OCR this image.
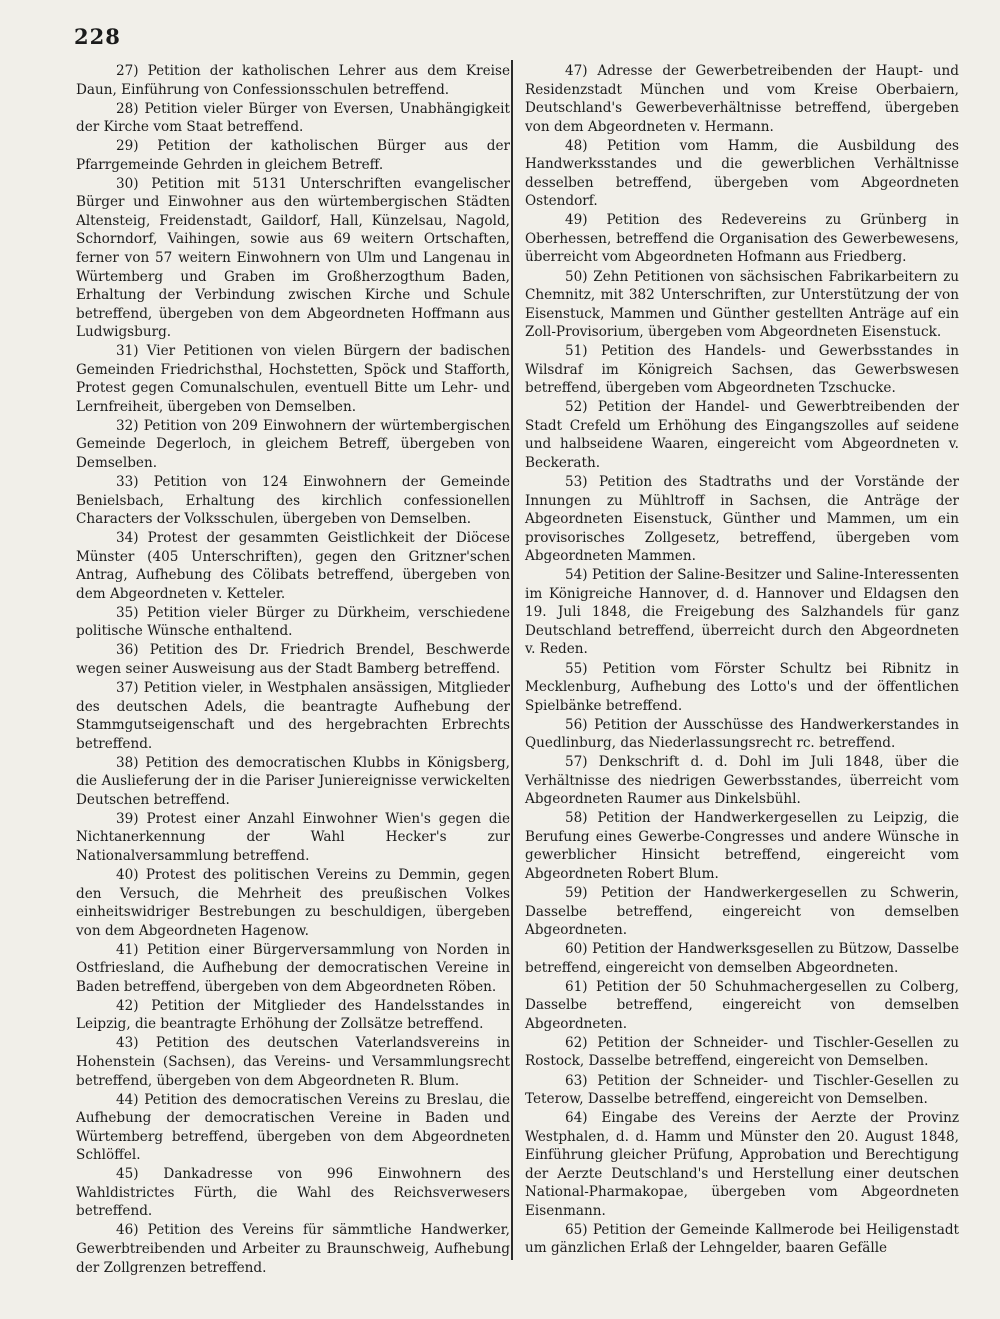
228

27) Petition der katholischen Lehrer aus dem Kreise Daun, Einführung von Confessionsschulen betreffend.

28) Petition vieler Bürger von Eversen, Unabhängigkeit der Kirche vom Staat betreffend.

29) Petition der katholischen Bürger aus der Pfarrgemeinde Gehrden in gleichem Betreff.

30) Petition mit 5131 Unterschriften evangelischer Bürger und Einwohner aus den würtembergischen Städten Altensteig, Freidenstadt, Gaildorf, Hall, Künzelsau, Nagold, Schorndorf, Vaihingen, sowie aus 69 weitern Ortschaften, ferner von 57 weitern Einwohnern von Ulm und Langenau in Würtemberg und Graben im Großherzogthum Baden, Erhaltung der Verbindung zwischen Kirche und Schule betreffend, übergeben von dem Abgeordneten Hoffmann aus Ludwigsburg.

31) Vier Petitionen von vielen Bürgern der badischen Gemeinden Friedrichsthal, Hochstetten, Spöck und Stafforth, Protest gegen Comunalschulen, eventuell Bitte um Lehr- und Lernfreiheit, übergeben von Demselben.

32) Petition von 209 Einwohnern der würtembergischen Gemeinde Degerloch, in gleichem Betreff, übergeben von Demselben.

33) Petition von 124 Einwohnern der Gemeinde Benielsbach, Erhaltung des kirchlich confessionellen Characters der Volksschulen, übergeben von Demselben.

34) Protest der gesammten Geistlichkeit der Diöcese Münster (405 Unterschriften), gegen den Gritzner'schen Antrag, Aufhebung des Cölibats betreffend, übergeben von dem Abgeordneten v. Ketteler.

35) Petition vieler Bürger zu Dürkheim, verschiedene politische Wünsche enthaltend.

36) Petition des Dr. Friedrich Brendel, Beschwerde wegen seiner Ausweisung aus der Stadt Bamberg betreffend.

37) Petition vieler, in Westphalen ansässigen, Mitglieder des deutschen Adels, die beantragte Aufhebung der Stammgutseigenschaft und des hergebrachten Erbrechts betreffend.

38) Petition des democratischen Klubbs in Königsberg, die Auslieferung der in die Pariser Juniereignisse verwickelten Deutschen betreffend.

39) Protest einer Anzahl Einwohner Wien's gegen die Nichtanerkennung der Wahl Hecker's zur Nationalversammlung betreffend.

40) Protest des politischen Vereins zu Demmin, gegen den Versuch, die Mehrheit des preußischen Volkes einheitswidriger Bestrebungen zu beschuldigen, übergeben von dem Abgeordneten Hagenow.

41) Petition einer Bürgerversammlung von Norden in Ostfriesland, die Aufhebung der democratischen Vereine in Baden betreffend, übergeben von dem Abgeordneten Röben.

42) Petition der Mitglieder des Handelsstandes in Leipzig, die beantragte Erhöhung der Zollsätze betreffend.

43) Petition des deutschen Vaterlandsvereins in Hohenstein (Sachsen), das Vereins- und Versammlungsrecht betreffend, übergeben von dem Abgeordneten R. Blum.

44) Petition des democratischen Vereins zu Breslau, die Aufhebung der democratischen Vereine in Baden und Würtemberg betreffend, übergeben von dem Abgeordneten Schlöffel.

45) Dankadresse von 996 Einwohnern des Wahldistrictes Fürth, die Wahl des Reichsverwesers betreffend.

46) Petition des Vereins für sämmtliche Handwerker, Gewerbtreibenden und Arbeiter zu Braunschweig, Aufhebung der Zollgrenzen betreffend.

47) Adresse der Gewerbetreibenden der Haupt- und Residenzstadt München und vom Kreise Oberbaiern, Deutschland's Gewerbeverhältnisse betreffend, übergeben von dem Abgeordneten v. Hermann.

48) Petition vom Hamm, die Ausbildung des Handwerksstandes und die gewerblichen Verhältnisse desselben betreffend, übergeben vom Abgeordneten Ostendorf.

49) Petition des Redevereins zu Grünberg in Oberhessen, betreffend die Organisation des Gewerbewesens, überreicht vom Abgeordneten Hofmann aus Friedberg.

50) Zehn Petitionen von sächsischen Fabrikarbeitern zu Chemnitz, mit 382 Unterschriften, zur Unterstützung der von Eisenstuck, Mammen und Günther gestellten Anträge auf ein Zoll-Provisorium, übergeben vom Abgeordneten Eisenstuck.

51) Petition des Handels- und Gewerbsstandes in Wilsdraf im Königreich Sachsen, das Gewerbswesen betreffend, übergeben vom Abgeordneten Tzschucke.

52) Petition der Handel- und Gewerbtreibenden der Stadt Crefeld um Erhöhung des Eingangszolles auf seidene und halbseidene Waaren, eingereicht vom Abgeordneten v. Beckerath.

53) Petition des Stadtraths und der Vorstände der Innungen zu Mühltroff in Sachsen, die Anträge der Abgeordneten Eisenstuck, Günther und Mammen, um ein provisorisches Zollgesetz, betreffend, übergeben vom Abgeordneten Mammen.

54) Petition der Saline-Besitzer und Saline-Interessenten im Königreiche Hannover, d. d. Hannover und Eldagsen den 19. Juli 1848, die Freigebung des Salzhandels für ganz Deutschland betreffend, überreicht durch den Abgeordneten v. Reden.

55) Petition vom Förster Schultz bei Ribnitz in Mecklenburg, Aufhebung des Lotto's und der öffentlichen Spielbänke betreffend.

56) Petition der Ausschüsse des Handwerkerstandes in Quedlinburg, das Niederlassungsrecht rc. betreffend.

57) Denkschrift d. d. Dohl im Juli 1848, über die Verhältnisse des niedrigen Gewerbsstandes, überreicht vom Abgeordneten Raumer aus Dinkelsbühl.

58) Petition der Handwerkergesellen zu Leipzig, die Berufung eines Gewerbe-Congresses und andere Wünsche in gewerblicher Hinsicht betreffend, eingereicht vom Abgeordneten Robert Blum.

59) Petition der Handwerkergesellen zu Schwerin, Dasselbe betreffend, eingereicht von demselben Abgeordneten.

60) Petition der Handwerksgesellen zu Bützow, Dasselbe betreffend, eingereicht von demselben Abgeordneten.

61) Petition der 50 Schuhmachergesellen zu Colberg, Dasselbe betreffend, eingereicht von demselben Abgeordneten.

62) Petition der Schneider- und Tischler-Gesellen zu Rostock, Dasselbe betreffend, eingereicht von Demselben.

63) Petition der Schneider- und Tischler-Gesellen zu Teterow, Dasselbe betreffend, eingereicht von Demselben.

64) Eingabe des Vereins der Aerzte der Provinz Westphalen, d. d. Hamm und Münster den 20. August 1848, Einführung gleicher Prüfung, Approbation und Berechtigung der Aerzte Deutschland's und Herstellung einer deutschen National-Pharmakopae, übergeben vom Abgeordneten Eisenmann.

65) Petition der Gemeinde Kallmerode bei Heiligenstadt um gänzlichen Erlaß der Lehngelder, baaren Gefälle
